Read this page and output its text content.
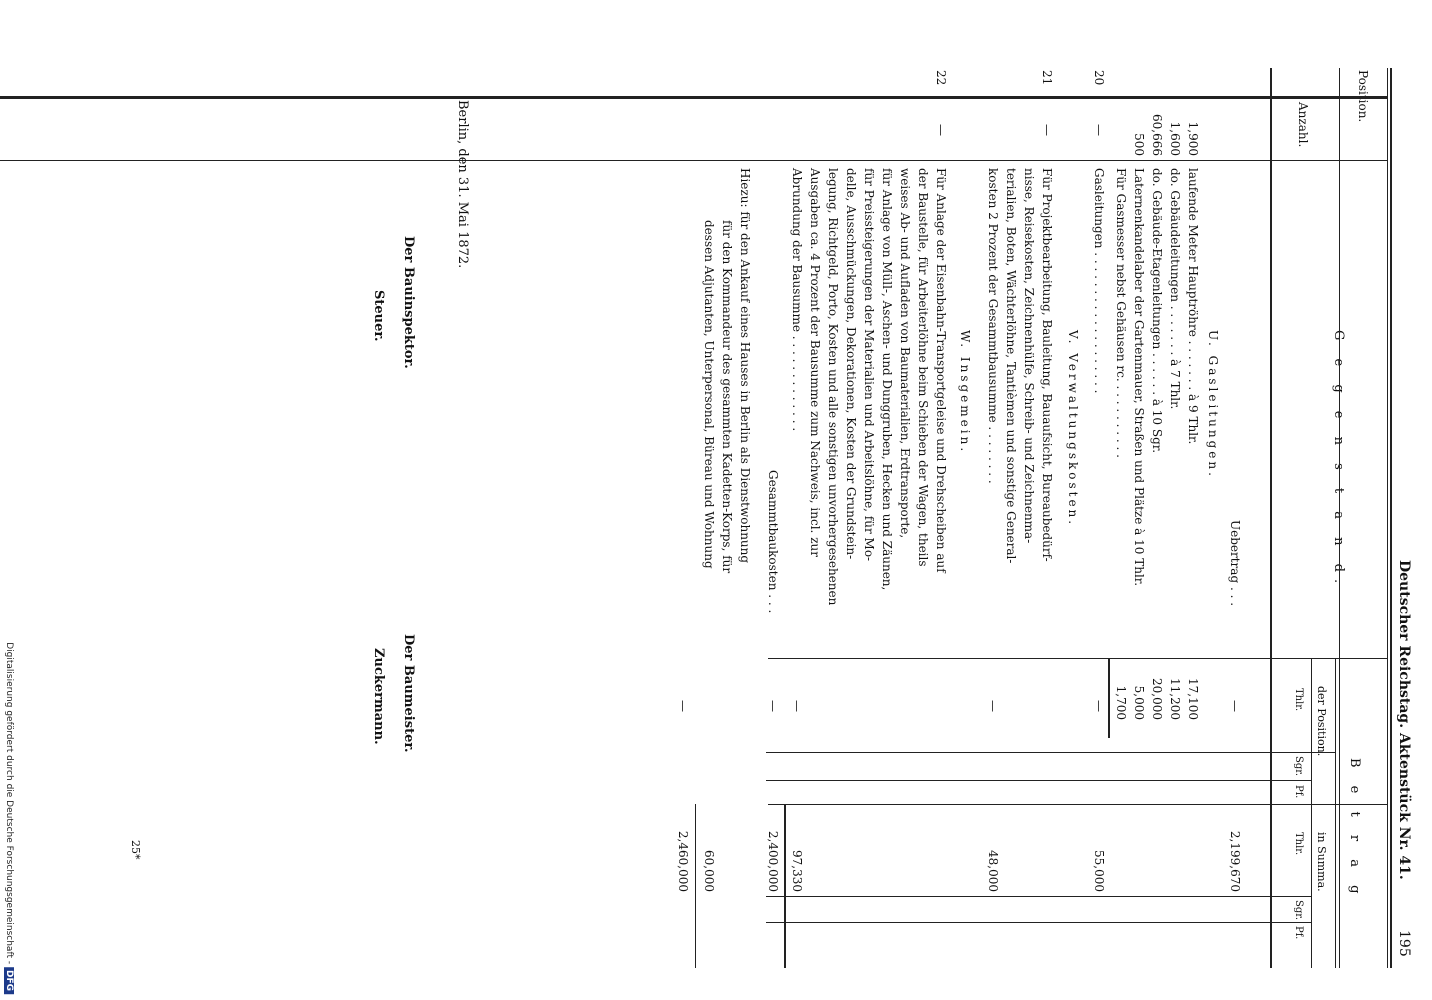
Deutscher Reichstag. Aktenstück Nr. 41.
195
Position.
Anzahl.
G e g e n s t a n d.
B e t r a g
der Position.
in Summa.
Thlr.
Sgr.
Pf.
Thlr.
Sgr.
Pf.
Uebertrag . . .
—
2,199,670
U. Gasleitungen.
1,900
laufende Meter Hauptröhre . . . . . . . à 9 Thlr.
17,100
1,600
do. Gebäudeleitungen . . . . . . . à 7 Thlr.
11,200
60,666
do. Gebäude-Etagenleitungen . . . . . . à 10 Sgr.
20,000
500
Laternenkandelaber der Gartenmauer, Straßen und Plätze à 10 Thlr.
5,000
Für Gasmesser nebst Gehäusen rc. . . . . . . . . . .
1,700
20
—
Gasleitungen . . . . . . . . . . . . . . . . . . .
—
55,000
V. Verwaltungskosten.
21
—
Für Projektbearbeitung, Bauleitung, Bauaufsicht, Bureaubedürf-
nisse, Reisekosten, Zeichnenhülfe, Schreib- und Zeichnenma-
terialien, Boten, Wächterlöhne, Tantièmen und sonstige General-
kosten 2 Prozent der Gesammtbausumme . . . . . . . .
—
48,000
W. Insgemein.
22
—
Für Anlage der Eisenbahn-Transportgeleise und Drehscheiben auf
der Baustelle, für Arbeiterlöhne beim Schieben der Wagen, theils
weises Ab- und Aufladen von Baumaterialien, Erdtransporte,
für Anlage von Müll-, Aschen- und Dunggruben, Hecken und Zäunen,
für Preissteigerungen der Materialien und Arbeitslöhne, für Mo-
delle, Ausschmückungen, Dekorationen, Kosten der Grundstein-
legung, Richtgeld, Porto, Kosten und alle sonstigen unvorhergesehenen
Ausgaben ca. 4 Prozent der Bausumme zum Nachweis, incl. zur
Abrundung der Bausumme . . . . . . . . . . . . .
—
97,330
Gesammtbaukosten . . .
—
2,400,000
Hiezu: für den Ankauf eines Hauses in Berlin als Dienstwohnung
für den Kommandeur des gesammten Kadetten-Korps, für
dessen Adjutanten, Unterpersonal, Büreau und Wohnung
60,000
—
2,460,000
Berlin, den 31. Mai 1872.
Der Bauinspektor.
Steuer.
Der Baumeister.
Zuckermann.
25*
Digitalisierung gefördert durch die Deutsche Forschungsgemeinschaft - DFG
